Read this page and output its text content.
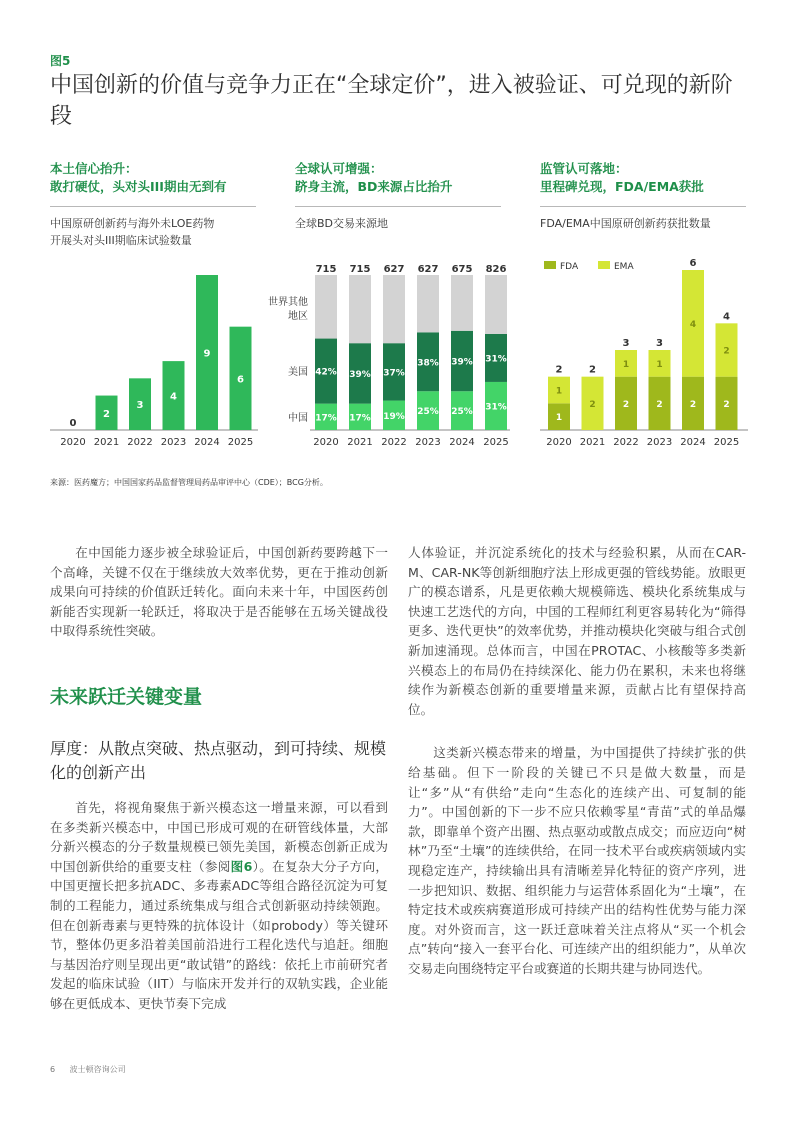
图5
中国创新的价值与竞争力正在“全球定价”，进入被验证、可兑现的新阶段
本土信心抬升：
敢打硬仗，头对头III期由无到有
中国原研创新药与海外未LOE药物
开展头对头III期临床试验数量
0
2020
2
2021
3
2022
4
2023
9
2024
6
2025
全球认可增强：
跻身主流，BD来源占比抬升
全球BD交易来源地
17%
42%
715
2020
17%
39%
715
2021
19%
37%
627
2022
25%
38%
627
2023
25%
39%
675
2024
31%
31%
826
2025
中国
美国
世界其他
地区
监管认可落地：
里程碑兑现，FDA/EMA获批
FDA/EMA中国原研创新药获批数量
FDA	EMA
1
1
2
2020
2
2
2021
2
1
3
2022
2
1
3
2023
2
4
6
2024
2
2
4
2025
来源：医药魔方；中国国家药品监督管理局药品审评中心（CDE）；BCG分析。

在中国能力逐步被全球验证后，中国创新药要跨越下一个高峰，关键不仅在于继续放大效率优势，更在于推动创新成果向可持续的价值跃迁转化。面向未来十年，中国医药创新能否实现新一轮跃迁，将取决于是否能够在五场关键战役中取得系统性突破。

未来跃迁关键变量
厚度：从散点突破、热点驱动，到可持续、规模化的创新产出

首先，将视角聚焦于新兴模态这一增量来源，可以看到在多类新兴模态中，中国已形成可观的在研管线体量，大部分新兴模态的分子数量规模已领先美国，新模态创新正成为中国创新供给的重要支柱（参阅图6）。在复杂大分子方向，中国更擅长把多抗ADC、多毒素ADC等组合路径沉淀为可复制的工程能力，通过系统集成与组合式创新驱动持续领跑。但在创新毒素与更特殊的抗体设计（如probody）等关键环节，整体仍更多沿着美国前沿进行工程化迭代与追赶。细胞与基因治疗则呈现出更“敢试错”的路线：依托上市前研究者发起的临床试验（IIT）与临床开发并行的双轨实践，企业能够在更低成本、更快节奏下完成

人体验证，并沉淀系统化的技术与经验积累，从而在CAR-M、CAR-NK等创新细胞疗法上形成更强的管线势能。放眼更广的模态谱系，凡是更依赖大规模筛选、模块化系统集成与快速工艺迭代的方向，中国的工程师红利更容易转化为“筛得更多、迭代更快”的效率优势，并推动模块化突破与组合式创新加速涌现。总体而言，中国在PROTAC、小核酸等多类新兴模态上的布局仍在持续深化、能力仍在累积，未来也将继续作为新模态创新的重要增量来源，贡献占比有望保持高位。

这类新兴模态带来的增量，为中国提供了持续扩张的供给基础。但下一阶段的关键已不只是做大数量，而是让“多”从“有供给”走向“生态化的连续产出、可复制的能力”。中国创新的下一步不应只依赖零星“青苗”式的单品爆款，即靠单个资产出圈、热点驱动或散点成交；而应迈向“树林”乃至“土壤”的连续供给，在同一技术平台或疾病领域内实现稳定连产，持续输出具有清晰差异化特征的资产序列，进一步把知识、数据、组织能力与运营体系固化为“土壤”，在特定技术或疾病赛道形成可持续产出的结构性优势与能力深度。对外资而言，这一跃迁意味着关注点将从“买一个机会点”转向“接入一套平台化、可连续产出的组织能力”，从单次交易走向围绕特定平台或赛道的长期共建与协同迭代。

6 波士顿咨询公司
